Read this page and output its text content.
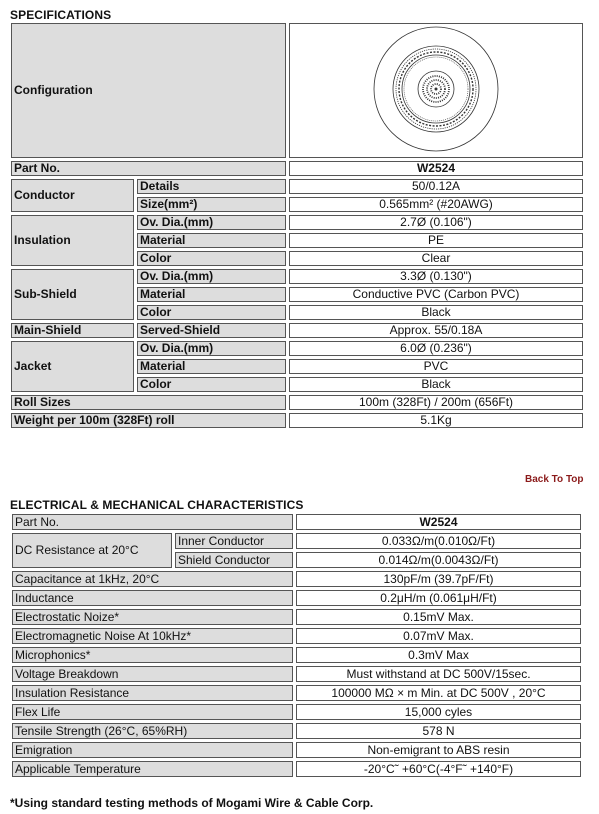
SPECIFICATIONS
Configuration	
Part No.		W2524
Conductor	Details	50/0.12A
	Size(mm²)	0.565mm² (#20AWG)
Insulation	Ov. Dia.(mm)	2.7Ø (0.106")
	Material	PE
	Color	Clear
Sub-Shield	Ov. Dia.(mm)	3.3Ø (0.130")
	Material	Conductive PVC (Carbon PVC)
	Color	Black
Main-Shield	Served-Shield	Approx. 55/0.18A
Jacket	Ov. Dia.(mm)	6.0Ø (0.236")
	Material	PVC
	Color	Black
Roll Sizes		100m (328Ft) / 200m (656Ft)
Weight per 100m (328Ft) roll		5.1Kg
Back To Top
ELECTRICAL & MECHANICAL CHARACTERISTICS
Part No.		W2524
DC Resistance at 20°C	Inner Conductor	0.033Ω/m(0.010Ω/Ft)
	Shield Conductor	0.014Ω/m(0.0043Ω/Ft)
Capacitance at 1kHz, 20°C		130pF/m (39.7pF/Ft)
Inductance		0.2μH/m (0.061μH/Ft)
Electrostatic Noize*		0.15mV Max.
Electromagnetic Noise At 10kHz*		0.07mV Max.
Microphonics*		0.3mV Max
Voltage Breakdown		Must withstand at DC 500V/15sec.
Insulation Resistance		100000 MΩ × m Min. at DC 500V , 20°C
Flex Life		15,000 cyles
Tensile Strength (26°C, 65%RH)		578 N
Emigration		Non-emigrant to ABS resin
Applicable Temperature		-20°C˜ +60°C(-4°F˜ +140°F)
*Using standard testing methods of Mogami Wire & Cable Corp.
